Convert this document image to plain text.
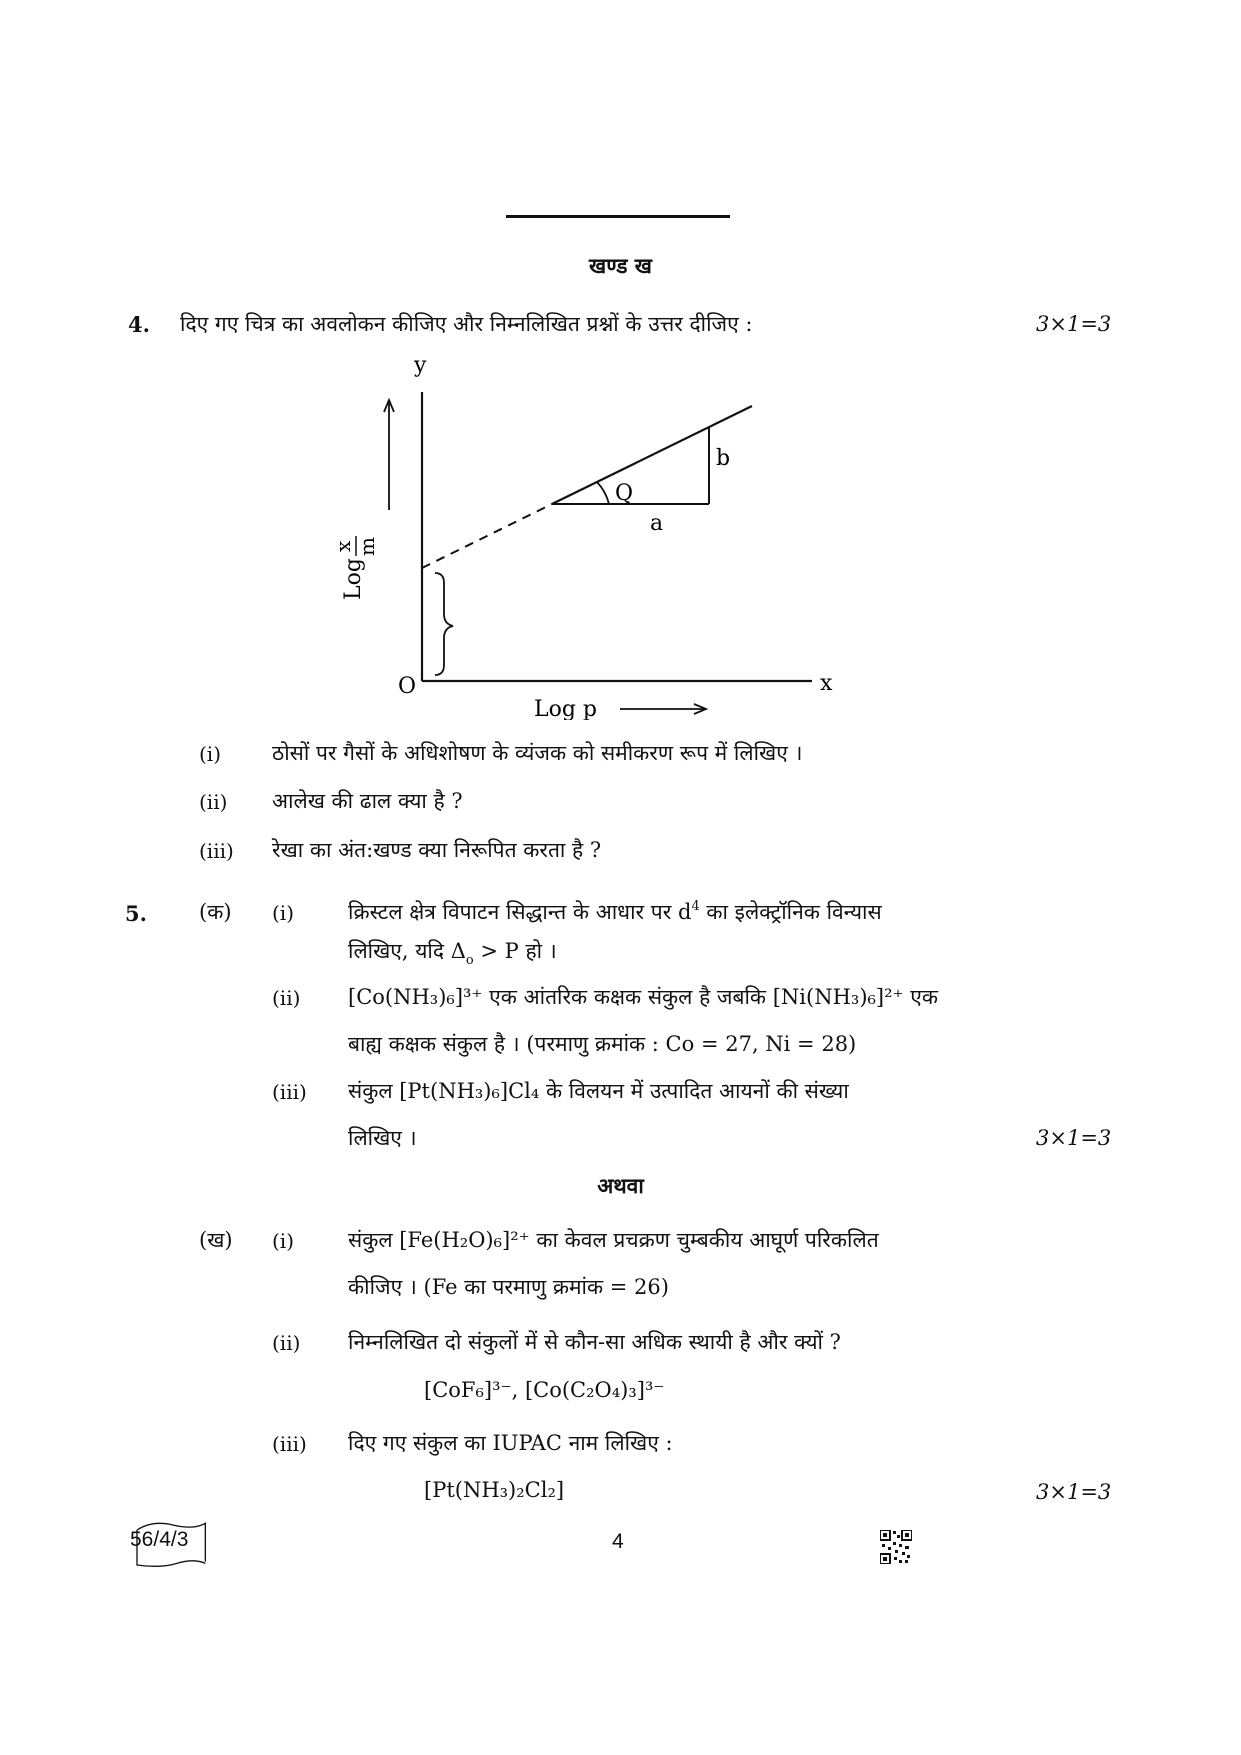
खण्ड ख
4. दिए गए चित्र का अवलोकन कीजिए और निम्नलिखित प्रश्नों के उत्तर दीजिए :	3×1=3
y
x
O
Q
a
b
Log
x m
Log p
(i) ठोसों पर गैसों के अधिशोषण के व्यंजक को समीकरण रूप में लिखिए ।
(ii) आलेख की ढाल क्या है ?
(iii) रेखा का अंत:खण्ड क्या निरूपित करता है ?
5. (क) (i)	क्रिस्टल क्षेत्र विपाटन सिद्धान्त के आधार पर $d^4$ का इलेक्ट्रॉनिक विन्यास
लिखिए, यदि $\Delta_o > P$ हो ।
(ii) [Co(NH₃)₆]³⁺ एक आंतरिक कक्षक संकुल है जबकि [Ni(NH₃)₆]²⁺ एक
बाह्य कक्षक संकुल है । (परमाणु क्रमांक : Co = 27, Ni = 28)
(iii) संकुल [Pt(NH₃)₆]Cl₄ के विलयन में उत्पादित आयनों की संख्या
लिखिए ।	3×1=3
अथवा
(ख) (i)	संकुल [Fe(H₂O)₆]²⁺ का केवल प्रचक्रण चुम्बकीय आघूर्ण परिकलित
कीजिए । (Fe का परमाणु क्रमांक = 26)
(ii) निम्नलिखित दो संकुलों में से कौन-सा अधिक स्थायी है और क्यों ?
[CoF₆]³⁻, [Co(C₂O₄)₃]³⁻
(iii) दिए गए संकुल का IUPAC नाम लिखिए :
[Pt(NH₃)₂Cl₂]	3×1=3
56/4/3	4
